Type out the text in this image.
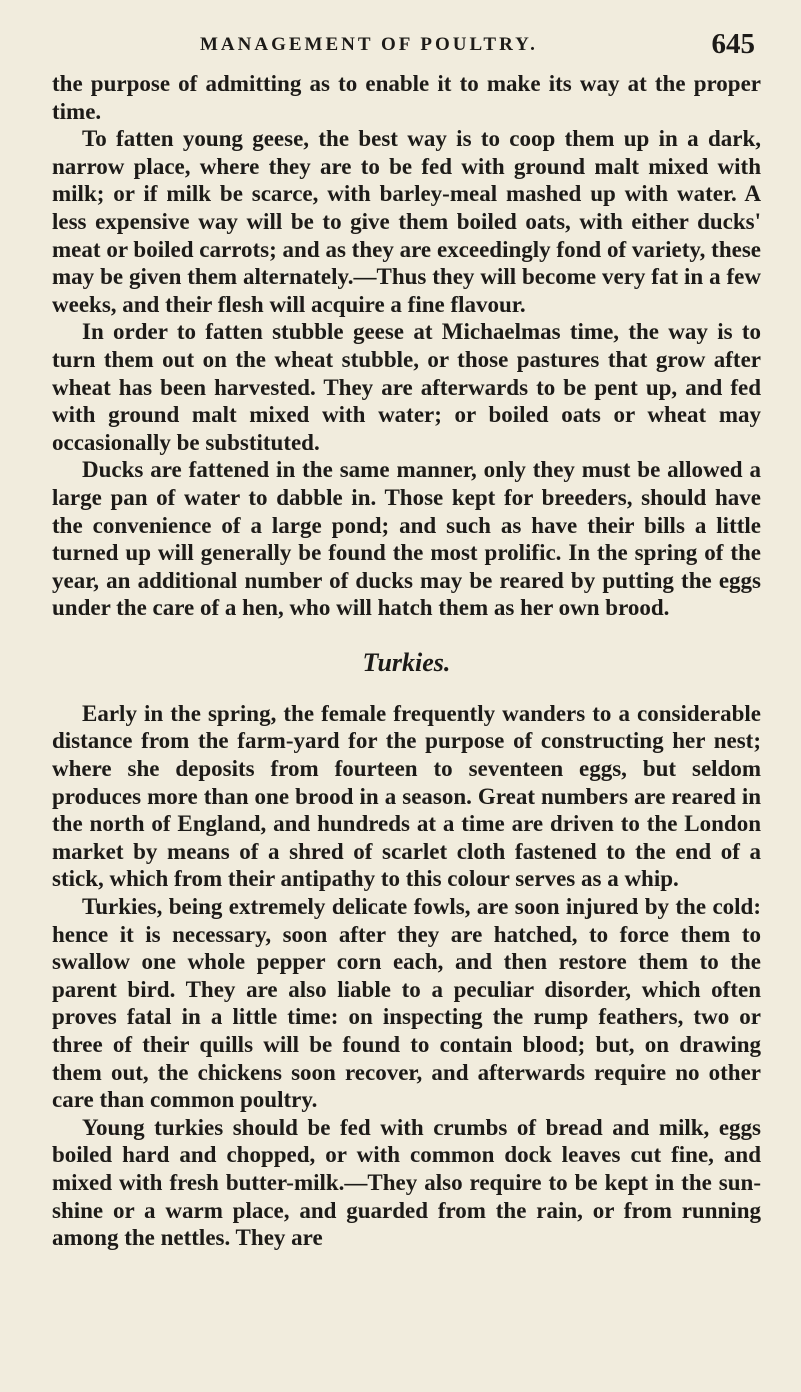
MANAGEMENT OF POULTRY.	645

the purpose of admitting as to enable it to make its way at the proper time.

To fatten young geese, the best way is to coop them up in a dark, narrow place, where they are to be fed with ground malt mixed with milk; or if milk be scarce, with barley-meal mashed up with water. A less expensive way will be to give them boiled oats, with either ducks' meat or boiled carrots; and as they are exceedingly fond of variety, these may be given them alternately.—Thus they will become very fat in a few weeks, and their flesh will acquire a fine flavour.

In order to fatten stubble geese at Michaelmas time, the way is to turn them out on the wheat stubble, or those pastures that grow after wheat has been harvested. They are afterwards to be pent up, and fed with ground malt mixed with water; or boiled oats or wheat may occasionally be substituted.

Ducks are fattened in the same manner, only they must be allowed a large pan of water to dabble in. Those kept for breeders, should have the convenience of a large pond; and such as have their bills a little turned up will generally be found the most prolific. In the spring of the year, an additional number of ducks may be reared by putting the eggs under the care of a hen, who will hatch them as her own brood.

Turkies.

Early in the spring, the female frequently wanders to a considerable distance from the farm-yard for the purpose of constructing her nest; where she deposits from fourteen to seventeen eggs, but seldom produces more than one brood in a season. Great numbers are reared in the north of England, and hundreds at a time are driven to the London market by means of a shred of scarlet cloth fastened to the end of a stick, which from their antipathy to this colour serves as a whip.

Turkies, being extremely delicate fowls, are soon injured by the cold: hence it is necessary, soon after they are hatched, to force them to swallow one whole pepper corn each, and then restore them to the parent bird. They are also liable to a peculiar disorder, which often proves fatal in a little time: on inspecting the rump feathers, two or three of their quills will be found to contain blood; but, on drawing them out, the chickens soon recover, and afterwards require no other care than common poultry.

Young turkies should be fed with crumbs of bread and milk, eggs boiled hard and chopped, or with common dock leaves cut fine, and mixed with fresh butter-milk.—They also require to be kept in the sun-shine or a warm place, and guarded from the rain, or from running among the nettles. They are
